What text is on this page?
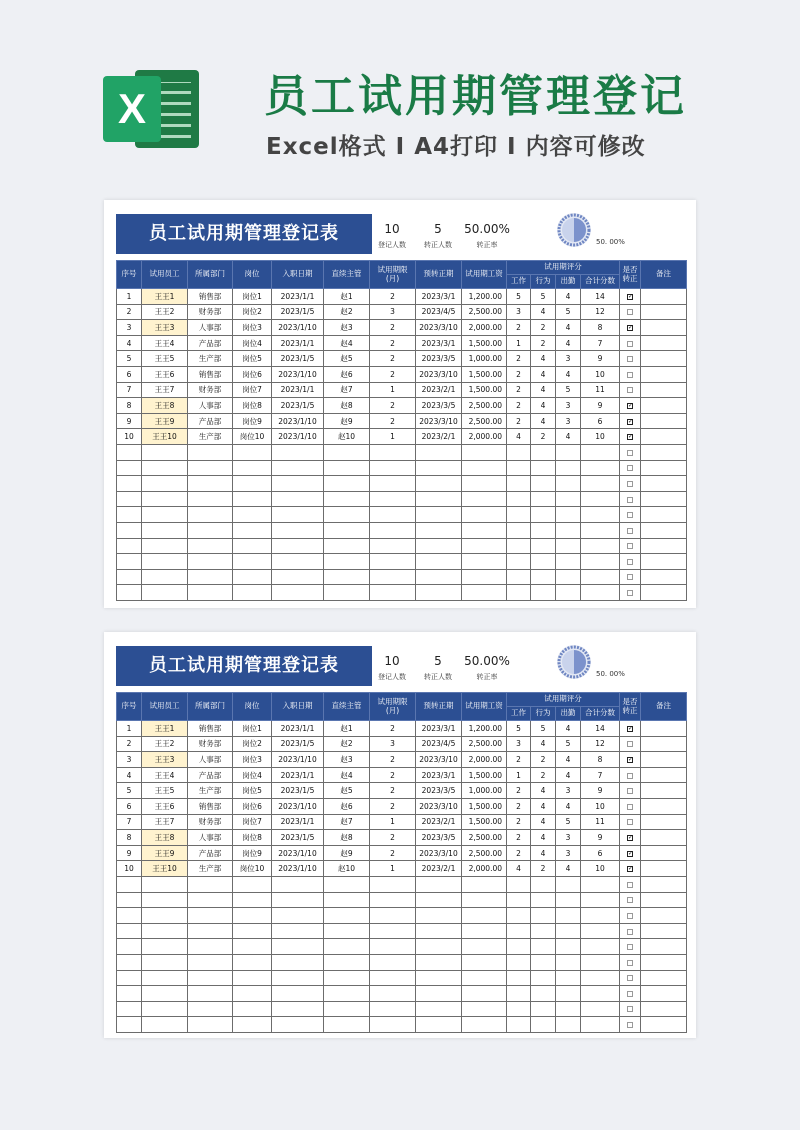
X	员工试用期管理登记
Excel格式 I A4打印 I 内容可修改
员工试用期管理登记表	10
登记人数
5
转正人数
50.00%
转正率	50. 00%
序号	试用员工	所属部门	岗位	入职日期	直续主管	试用期限
(月)	预转正期	试用期工资	试用期评分				是否
转正	备注
									工作	行为	出勤	合计分数		
1	王王1	销售部	岗位1	2023/1/1	赵1	2	2023/3/1	1,200.00	5	5	4	14	✓	
2	王王2	财务部	岗位2	2023/1/5	赵2	3	2023/4/5	2,500.00	3	4	5	12		
3	王王3	人事部	岗位3	2023/1/10	赵3	2	2023/3/10	2,000.00	2	2	4	8	✓	
4	王王4	产品部	岗位4	2023/1/1	赵4	2	2023/3/1	1,500.00	1	2	4	7		
5	王王5	生产部	岗位5	2023/1/5	赵5	2	2023/3/5	1,000.00	2	4	3	9		
6	王王6	销售部	岗位6	2023/1/10	赵6	2	2023/3/10	1,500.00	2	4	4	10		
7	王王7	财务部	岗位7	2023/1/1	赵7	1	2023/2/1	1,500.00	2	4	5	11		
8	王王8	人事部	岗位8	2023/1/5	赵8	2	2023/3/5	2,500.00	2	4	3	9	✓	
9	王王9	产品部	岗位9	2023/1/10	赵9	2	2023/3/10	2,500.00	2	4	3	6	✓	
10	王王10	生产部	岗位10	2023/1/10	赵10	1	2023/2/1	2,000.00	4	2	4	10	✓	

员工试用期管理登记表	10
登记人数
5
转正人数
50.00%
转正率	50. 00%
序号	试用员工	所属部门	岗位	入职日期	直续主管	试用期限
(月)	预转正期	试用期工资	试用期评分				是否
转正	备注
									工作	行为	出勤	合计分数		
1	王王1	销售部	岗位1	2023/1/1	赵1	2	2023/3/1	1,200.00	5	5	4	14	✓	
2	王王2	财务部	岗位2	2023/1/5	赵2	3	2023/4/5	2,500.00	3	4	5	12		
3	王王3	人事部	岗位3	2023/1/10	赵3	2	2023/3/10	2,000.00	2	2	4	8	✓	
4	王王4	产品部	岗位4	2023/1/1	赵4	2	2023/3/1	1,500.00	1	2	4	7		
5	王王5	生产部	岗位5	2023/1/5	赵5	2	2023/3/5	1,000.00	2	4	3	9		
6	王王6	销售部	岗位6	2023/1/10	赵6	2	2023/3/10	1,500.00	2	4	4	10		
7	王王7	财务部	岗位7	2023/1/1	赵7	1	2023/2/1	1,500.00	2	4	5	11		
8	王王8	人事部	岗位8	2023/1/5	赵8	2	2023/3/5	2,500.00	2	4	3	9	✓	
9	王王9	产品部	岗位9	2023/1/10	赵9	2	2023/3/10	2,500.00	2	4	3	6	✓	
10	王王10	生产部	岗位10	2023/1/10	赵10	1	2023/2/1	2,000.00	4	2	4	10	✓	
